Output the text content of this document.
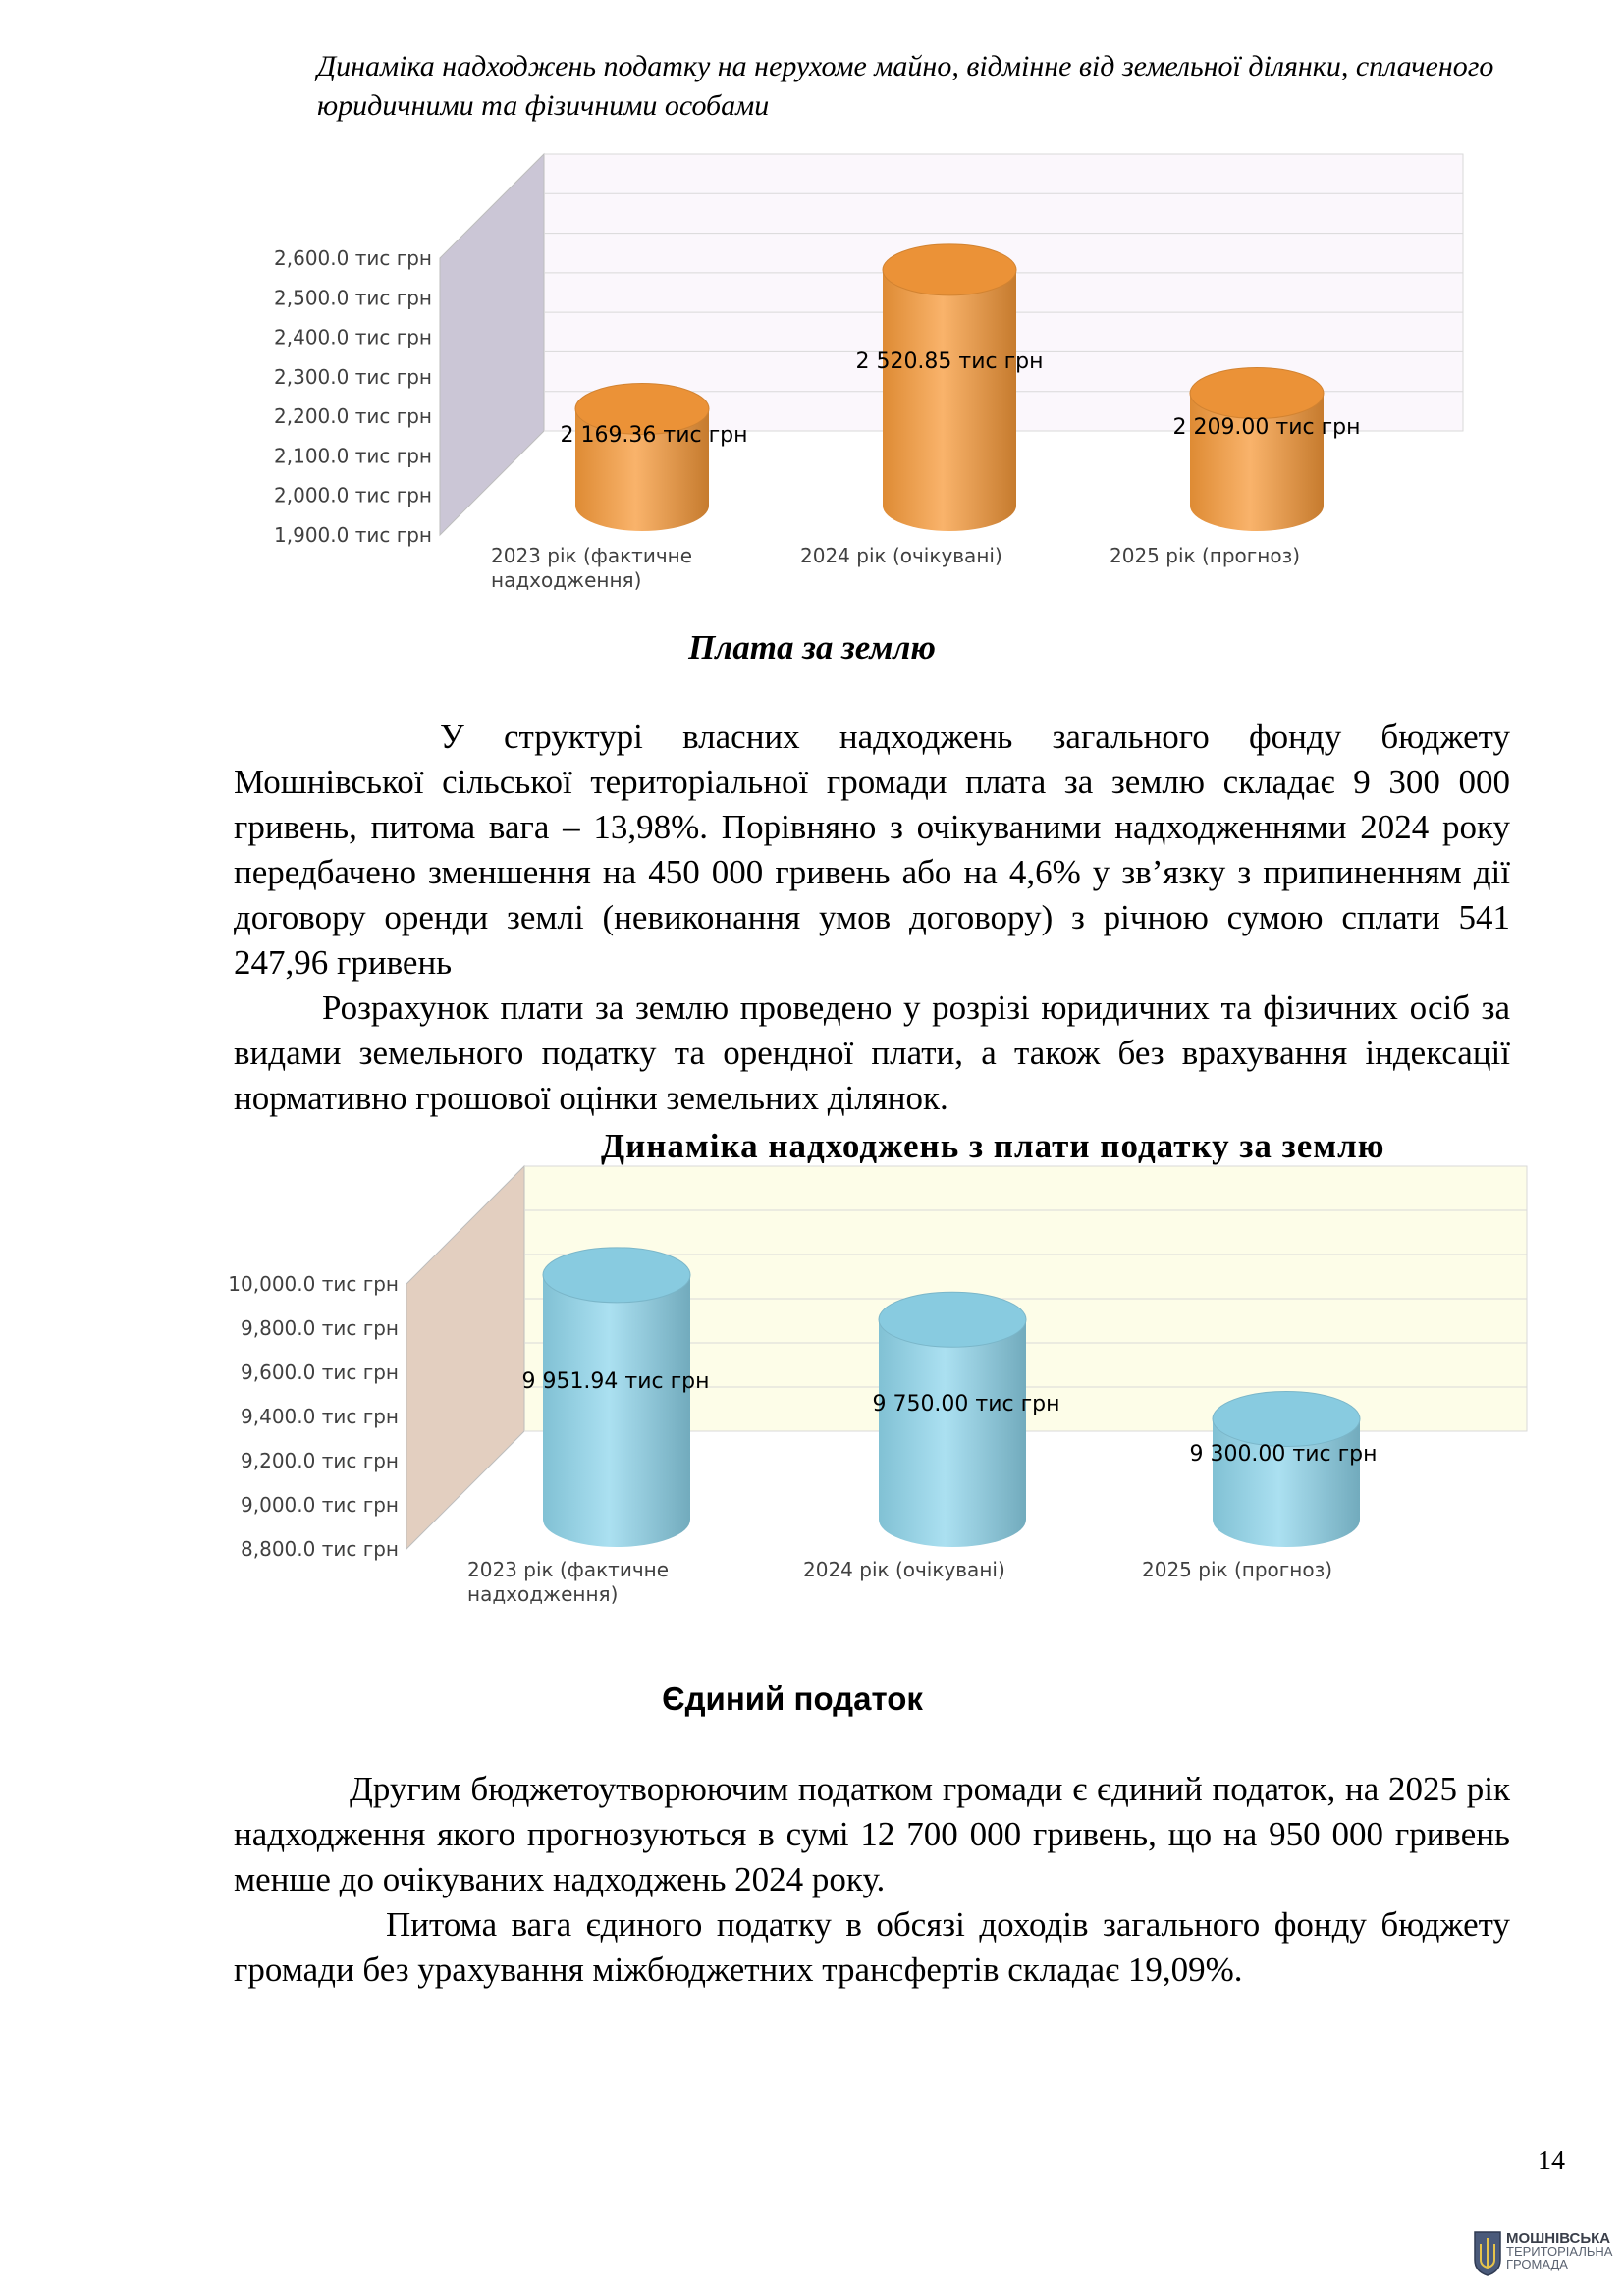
Динаміка надходжень податку на нерухоме майно, відмінне від земельної ділянки, сплаченого
юридичними та фізичними особами
1,900.0 тис грн
2,000.0 тис грн
2,100.0 тис грн
2,200.0 тис грн
2,300.0 тис грн
2,400.0 тис грн
2,500.0 тис грн
2,600.0 тис грн
2 169.36 тис грн
2 520.85 тис грн
2 209.00 тис грн
2023 рік (фактичне
надходження)
2024 рік (очікувані)	2025 рік (прогноз)
Плата за землю

У структурі власних надходжень загального фонду бюджету Мошнівської сільської територіальної громади плата за землю складає 9 300 000 гривень, питома вага – 13,98%. Порівняно з очікуваними надходженнями 2024 року передбачено зменшення на 450 000 гривень або на 4,6% у зв’язку з припиненням дії договору оренди землі (невиконання умов договору) з річною сумою сплати 541 247,96 гривень

Розрахунок плати за землю проведено у розрізі юридичних та фізичних осіб за видами земельного податку та орендної плати, а також без врахування індексації нормативно грошової оцінки земельних ділянок.

Динаміка надходжень з плати податку за землю
8,800.0 тис грн
9,000.0 тис грн
9,200.0 тис грн
9,400.0 тис грн
9,600.0 тис грн
9,800.0 тис грн
10,000.0 тис грн
9 951.94 тис грн
9 750.00 тис грн
9 300.00 тис грн
2023 рік (фактичне
надходження)
2024 рік (очікувані)	2025 рік (прогноз)
Єдиний податок

Другим бюджетоутворюючим податком громади є єдиний податок, на 2025 рік надходження якого прогнозуються в сумі 12 700 000 гривень, що на 950 000 гривень менше до очікуваних надходжень 2024 року.

Питома вага єдиного податку в обсязі доходів загального фонду бюджету громади без урахування міжбюджетних трансфертів складає 19,09%.

14
МОШНІВСЬКА
ТЕРИТОРІАЛЬНА
ГРОМАДА
